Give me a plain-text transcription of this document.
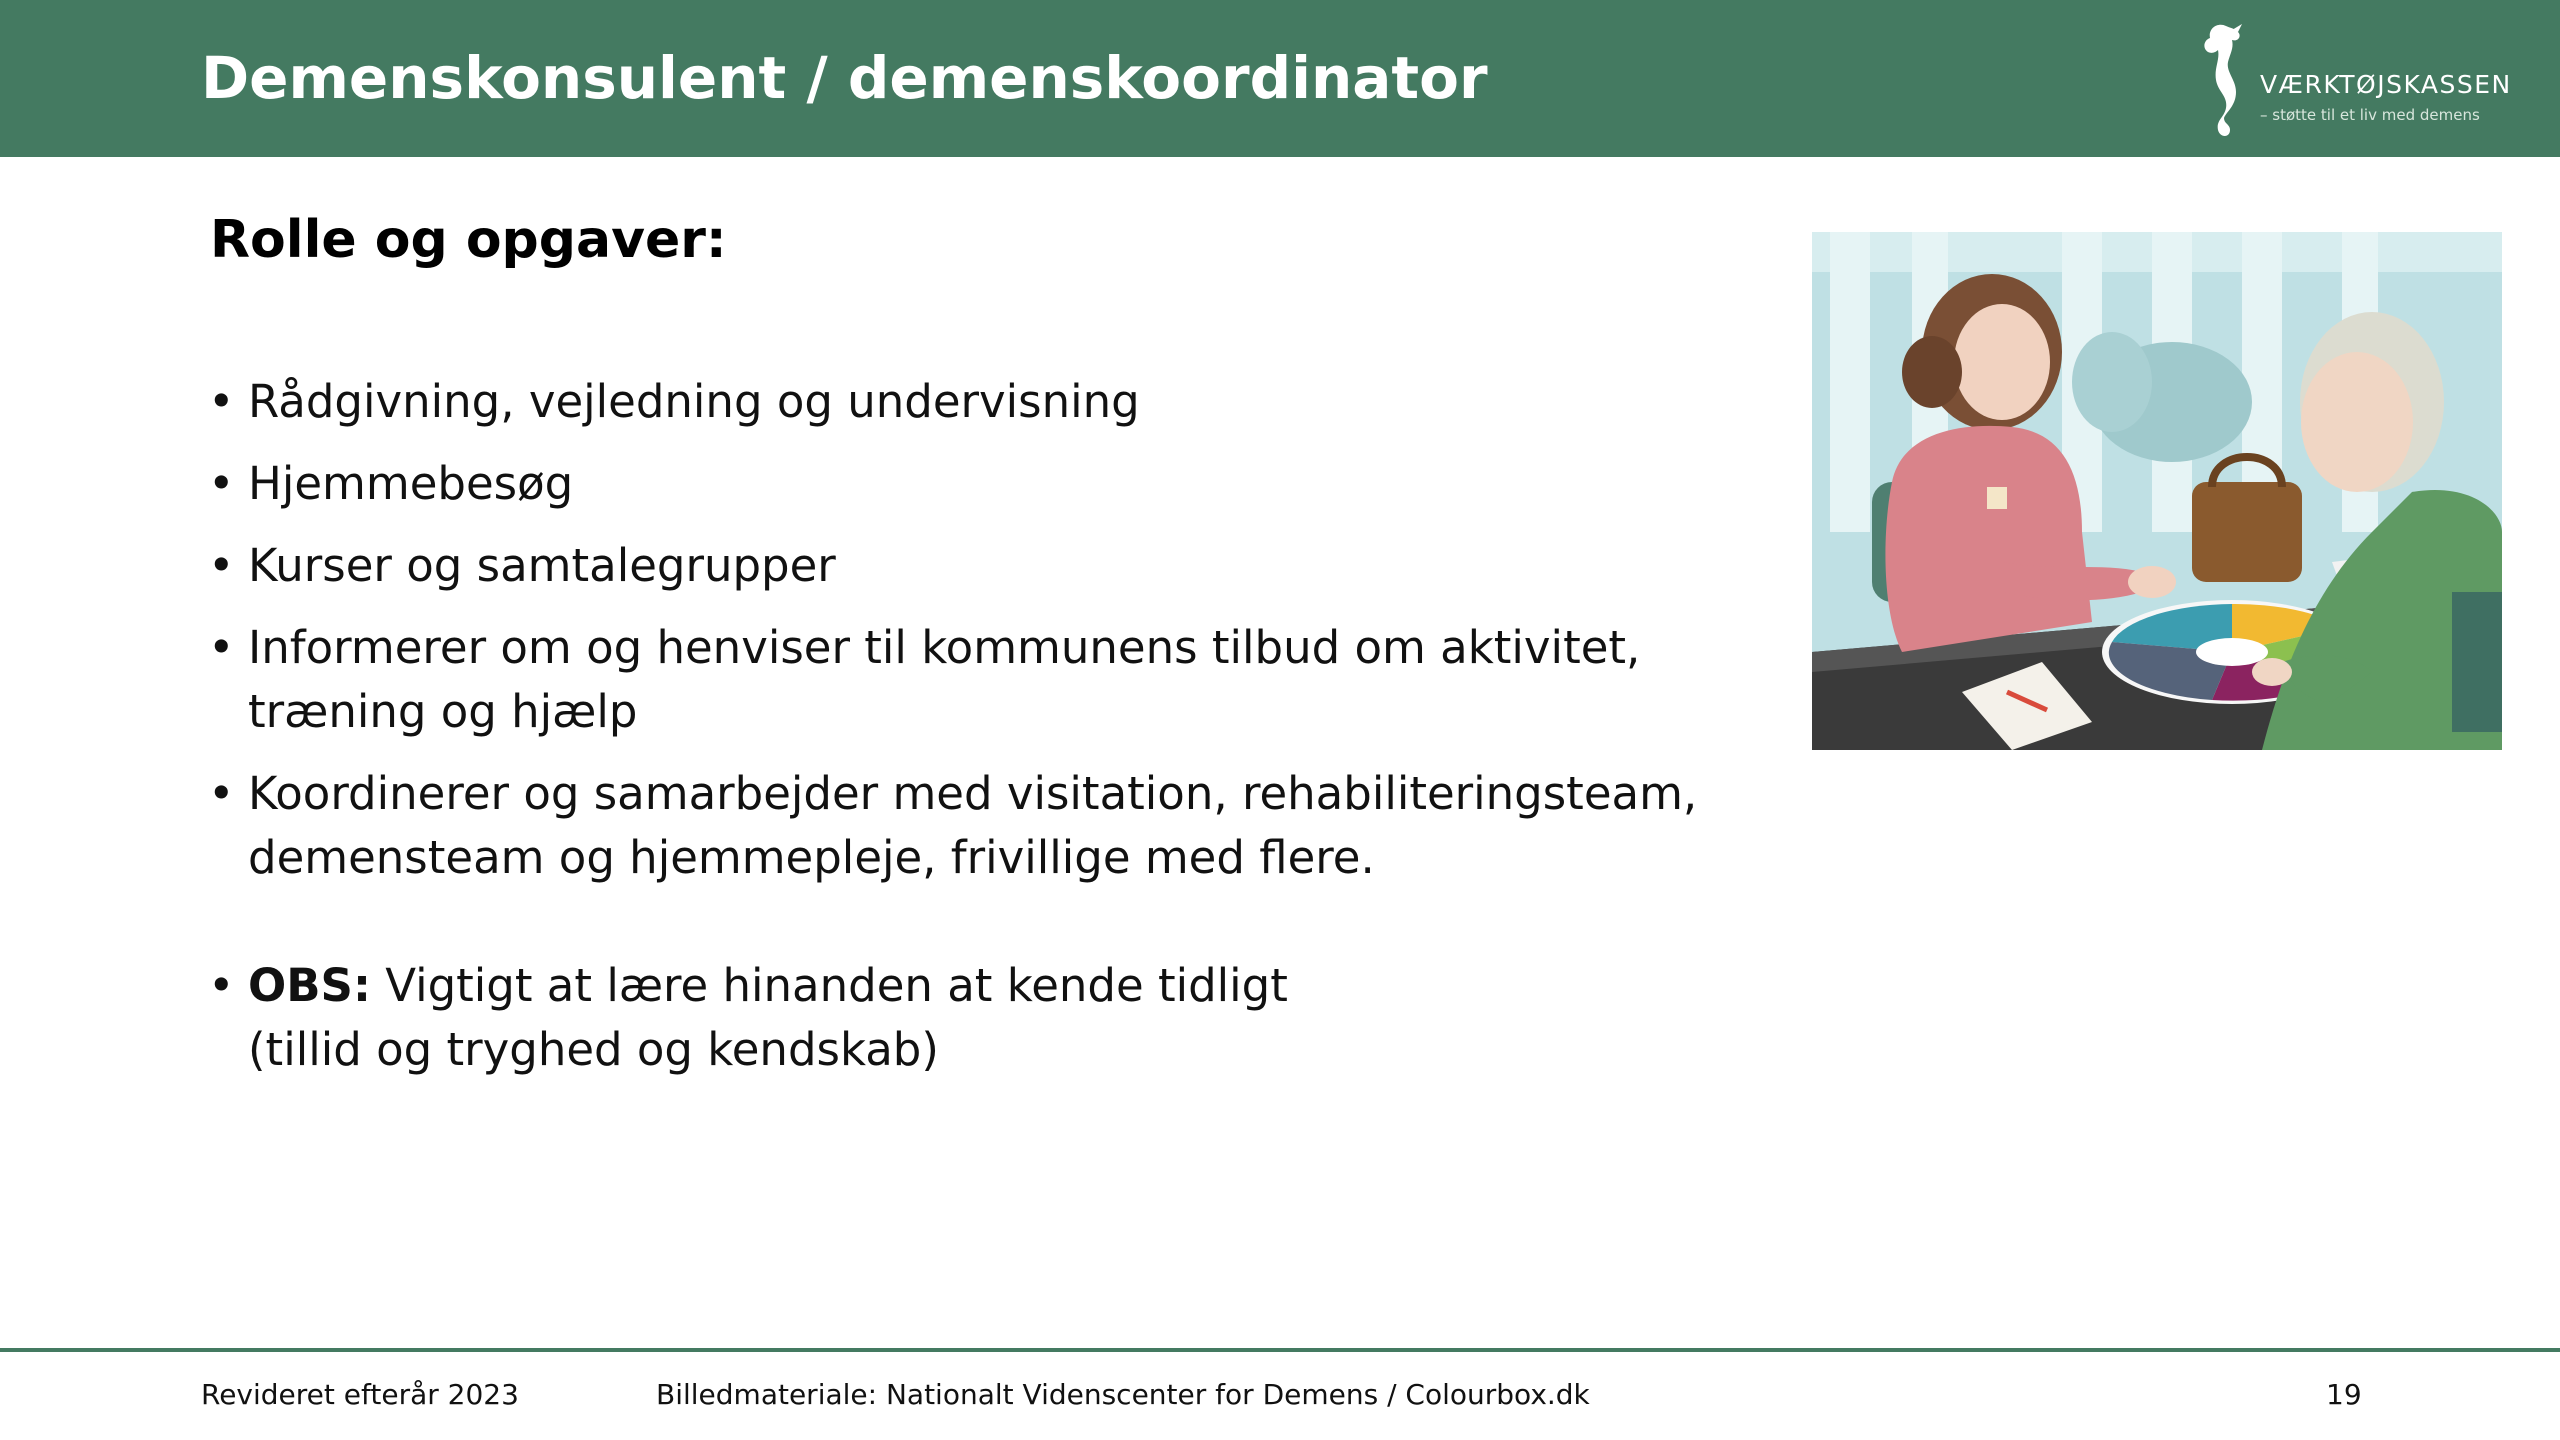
Demenskonsulent / demenskoordinator	VÆRKTØJSKASSEN
– støtte til et liv med demens
Rolle og opgaver:
• Rådgivning, vejledning og undervisning
• Hjemmebesøg
• Kurser og samtalegrupper
• Informerer om og henviser til kommunens tilbud om aktivitet, træning og hjælp
• Koordinerer og samarbejder med visitation, rehabiliteringsteam, demensteam og hjemmepleje, frivillige med flere.
• OBS: Vigtigt at lære hinanden at kende tidligt
(tillid og tryghed og kendskab)
Revideret efterår 2023	Billedmateriale: Nationalt Videnscenter for Demens / Colourbox.dk	19
